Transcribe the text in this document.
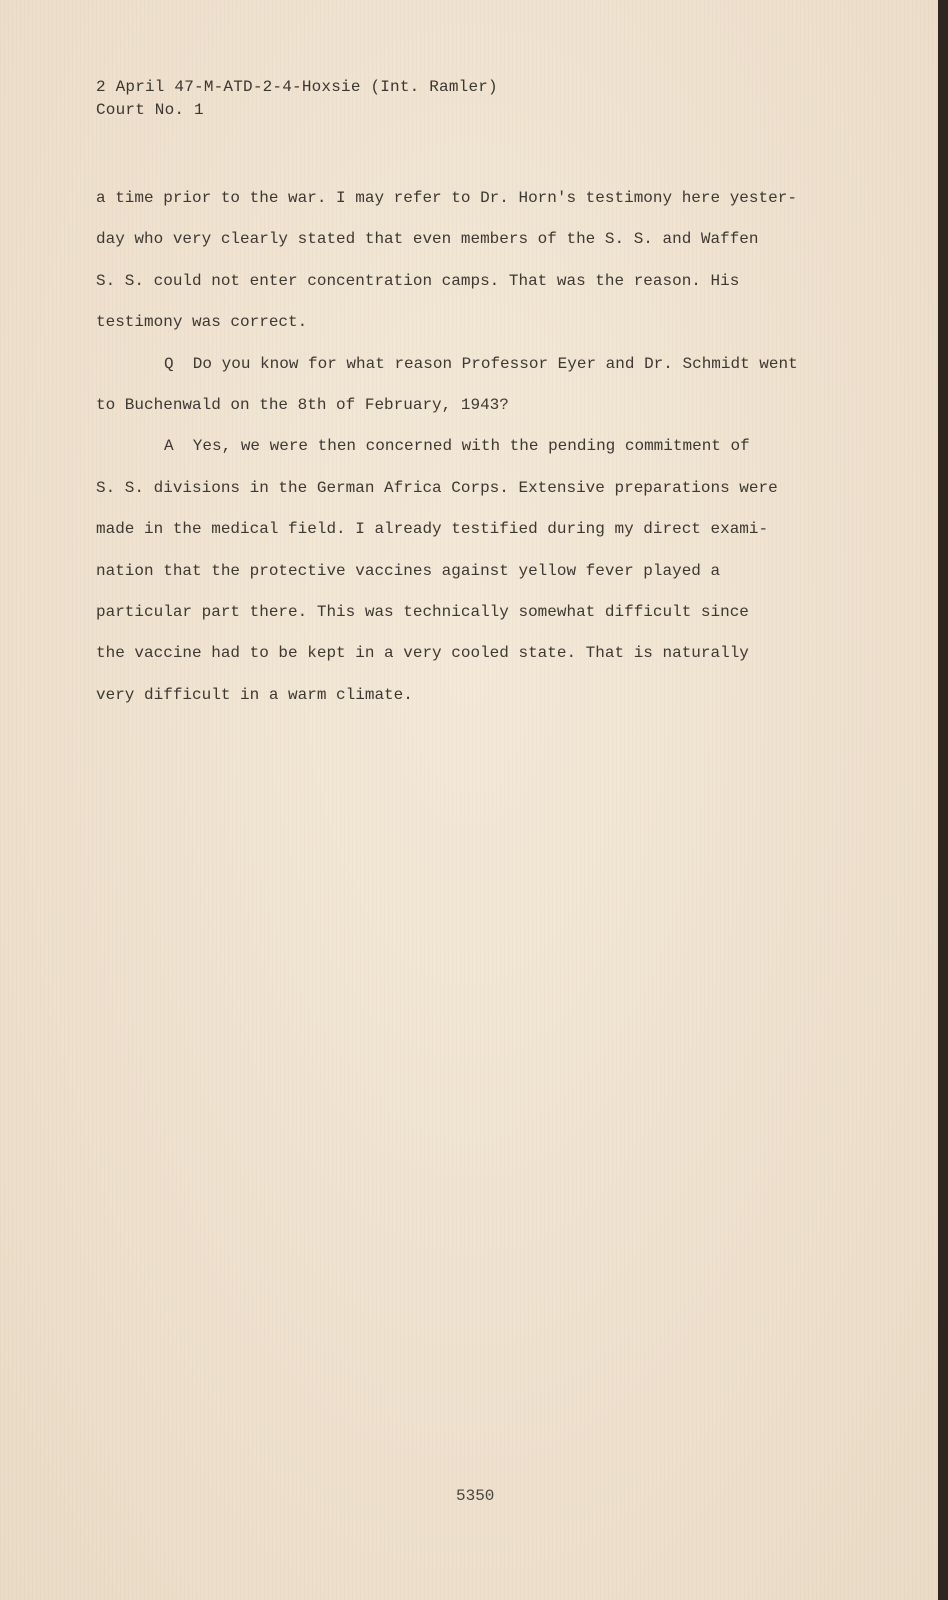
2 April 47-M-ATD-2-4-Hoxsie (Int. Ramler)
Court No. 1
a time prior to the war. I may refer to Dr. Horn's testimony here yester-
day who very clearly stated that even members of the S. S. and Waffen
S. S. could not enter concentration camps. That was the reason. His
testimony was correct.
Q  Do you know for what reason Professor Eyer and Dr. Schmidt went
to Buchenwald on the 8th of February, 1943?
A  Yes, we were then concerned with the pending commitment of
S. S. divisions in the German Africa Corps. Extensive preparations were
made in the medical field. I already testified during my direct exami-
nation that the protective vaccines against yellow fever played a
particular part there. This was technically somewhat difficult since
the vaccine had to be kept in a very cooled state. That is naturally
very difficult in a warm climate.
5350
